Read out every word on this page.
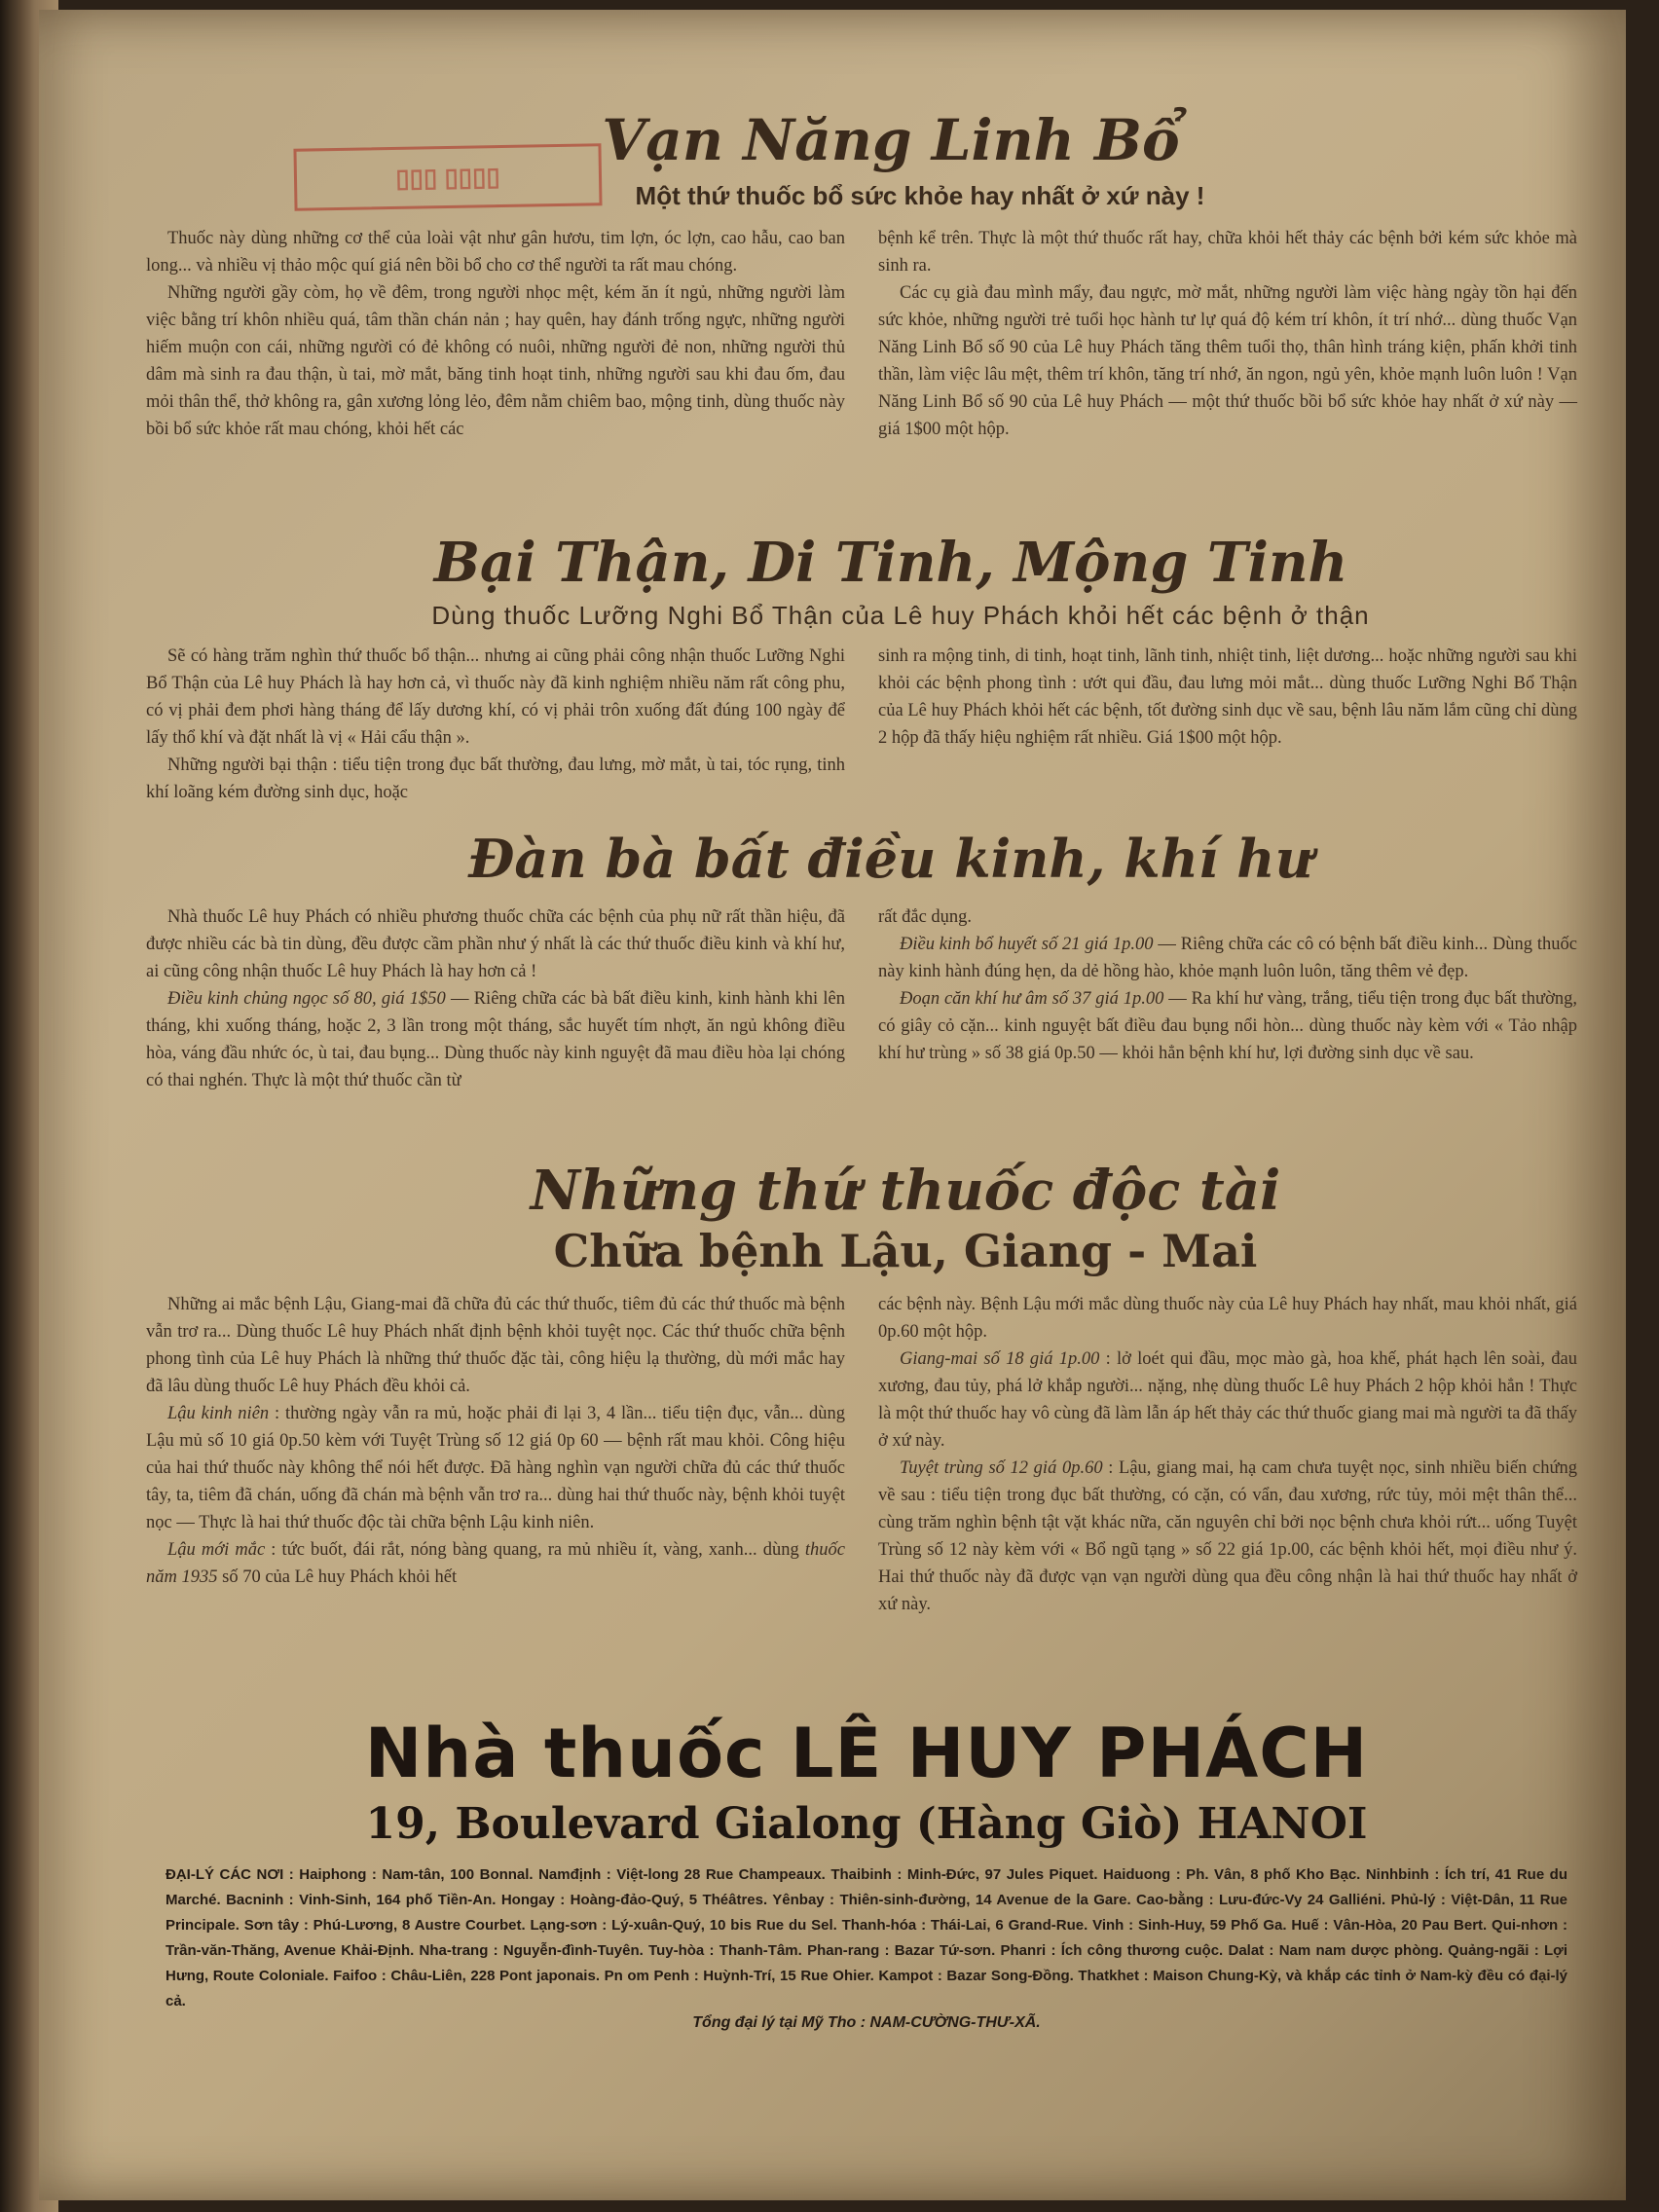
▯▯▯ ▯▯▯▯
Vạn Năng Linh Bổ
Một thứ thuốc bổ sức khỏe hay nhất ở xứ này !

Thuốc này dùng những cơ thể của loài vật như gân hươu, tim lợn, óc lợn, cao hẫu, cao ban long... và nhiều vị thảo mộc quí giá nên bồi bổ cho cơ thể người ta rất mau chóng.

Những người gầy còm, họ về đêm, trong người nhọc mệt, kém ăn ít ngủ, những người làm việc bằng trí khôn nhiều quá, tâm thần chán nản ; hay quên, hay đánh trống ngực, những người hiếm muộn con cái, những người có đẻ không có nuôi, những người đẻ non, những người thủ dâm mà sinh ra đau thận, ù tai, mờ mắt, băng tinh hoạt tinh, những người sau khi đau ốm, đau mỏi thân thể, thở không ra, gân xương lỏng lẻo, đêm nằm chiêm bao, mộng tinh, dùng thuốc này bồi bổ sức khỏe rất mau chóng, khỏi hết các

bệnh kể trên. Thực là một thứ thuốc rất hay, chữa khỏi hết thảy các bệnh bởi kém sức khỏe mà sinh ra.

Các cụ già đau mình mẩy, đau ngực, mờ mắt, những người làm việc hàng ngày tồn hại đến sức khỏe, những người trẻ tuổi học hành tư lự quá độ kém trí khôn, ít trí nhớ... dùng thuốc Vạn Năng Linh Bổ số 90 của Lê huy Phách tăng thêm tuổi thọ, thân hình tráng kiện, phấn khởi tinh thần, làm việc lâu mệt, thêm trí khôn, tăng trí nhớ, ăn ngon, ngủ yên, khỏe mạnh luôn luôn ! Vạn Năng Linh Bổ số 90 của Lê huy Phách — một thứ thuốc bồi bổ sức khỏe hay nhất ở xứ này — giá 1$00 một hộp.

Bại Thận, Di Tinh, Mộng Tinh
Dùng thuốc Lưỡng Nghi Bổ Thận của Lê huy Phách khỏi hết các bệnh ở thận

Sẽ có hàng trăm nghìn thứ thuốc bổ thận... nhưng ai cũng phải công nhận thuốc Lưỡng Nghi Bổ Thận của Lê huy Phách là hay hơn cả, vì thuốc này đã kinh nghiệm nhiều năm rất công phu, có vị phải đem phơi hàng tháng để lấy dương khí, có vị phải trôn xuống đất đúng 100 ngày để lấy thổ khí và đặt nhất là vị « Hải cẩu thận ».

Những người bại thận : tiểu tiện trong đục bất thường, đau lưng, mờ mắt, ù tai, tóc rụng, tinh khí loãng kém đường sinh dục, hoặc

sinh ra mộng tinh, di tinh, hoạt tinh, lãnh tinh, nhiệt tinh, liệt dương... hoặc những người sau khi khỏi các bệnh phong tình : ướt qui đầu, đau lưng mỏi mắt... dùng thuốc Lưỡng Nghi Bổ Thận của Lê huy Phách khỏi hết các bệnh, tốt đường sinh dục về sau, bệnh lâu năm lắm cũng chỉ dùng 2 hộp đã thấy hiệu nghiệm rất nhiều. Giá 1$00 một hộp.

Đàn bà bất điều kinh, khí hư

Nhà thuốc Lê huy Phách có nhiều phương thuốc chữa các bệnh của phụ nữ rất thần hiệu, đã được nhiều các bà tin dùng, đều được cầm phần như ý nhất là các thứ thuốc điều kinh và khí hư, ai cũng công nhận thuốc Lê huy Phách là hay hơn cả !

Điều kinh chủng ngọc số 80, giá 1$50 — Riêng chữa các bà bất điều kinh, kinh hành khi lên tháng, khi xuống tháng, hoặc 2, 3 lần trong một tháng, sắc huyết tím nhợt, ăn ngủ không điều hòa, váng đầu nhức óc, ù tai, đau bụng... Dùng thuốc này kinh nguyệt đã mau điều hòa lại chóng có thai nghén. Thực là một thứ thuốc cần từ

rất đắc dụng.

Điều kinh bổ huyết số 21 giá 1p.00 — Riêng chữa các cô có bệnh bất điều kinh... Dùng thuốc này kinh hành đúng hẹn, da dẻ hồng hào, khỏe mạnh luôn luôn, tăng thêm vẻ đẹp.

Đoạn căn khí hư âm số 37 giá 1p.00 — Ra khí hư vàng, trắng, tiểu tiện trong đục bất thường, có giây cỏ cặn... kinh nguyệt bất điều đau bụng nổi hòn... dùng thuốc này kèm với « Tảo nhập khí hư trùng » số 38 giá 0p.50 — khỏi hẳn bệnh khí hư, lợi đường sinh dục về sau.

Những thứ thuốc độc tài
Chữa bệnh Lậu, Giang - Mai

Những ai mắc bệnh Lậu, Giang-mai đã chữa đủ các thứ thuốc, tiêm đủ các thứ thuốc mà bệnh vẫn trơ ra... Dùng thuốc Lê huy Phách nhất định bệnh khỏi tuyệt nọc. Các thứ thuốc chữa bệnh phong tình của Lê huy Phách là những thứ thuốc đặc tài, công hiệu lạ thường, dù mới mắc hay đã lâu dùng thuốc Lê huy Phách đều khỏi cả.

Lậu kinh niên : thường ngày vẫn ra mủ, hoặc phải đi lại 3, 4 lần... tiểu tiện đục, vẫn... dùng Lậu mủ số 10 giá 0p.50 kèm với Tuyệt Trùng số 12 giá 0p 60 — bệnh rất mau khỏi. Công hiệu của hai thứ thuốc này không thể nói hết được. Đã hàng nghìn vạn người chữa đủ các thứ thuốc tây, ta, tiêm đã chán, uống đã chán mà bệnh vẫn trơ ra... dùng hai thứ thuốc này, bệnh khỏi tuyệt nọc — Thực là hai thứ thuốc độc tài chữa bệnh Lậu kinh niên.

Lậu mới mắc : tức buốt, đái rắt, nóng bàng quang, ra mủ nhiều ít, vàng, xanh... dùng thuốc năm 1935 số 70 của Lê huy Phách khỏi hết

các bệnh này. Bệnh Lậu mới mắc dùng thuốc này của Lê huy Phách hay nhất, mau khỏi nhất, giá 0p.60 một hộp.

Giang-mai số 18 giá 1p.00 : lở loét qui đầu, mọc mào gà, hoa khế, phát hạch lên soài, đau xương, đau tủy, phá lở khắp người... nặng, nhẹ dùng thuốc Lê huy Phách 2 hộp khỏi hẳn ! Thực là một thứ thuốc hay vô cùng đã làm lẫn áp hết thảy các thứ thuốc giang mai mà người ta đã thấy ở xứ này.

Tuyệt trùng số 12 giá 0p.60 : Lậu, giang mai, hạ cam chưa tuyệt nọc, sinh nhiều biến chứng về sau : tiểu tiện trong đục bất thường, có cặn, có vẩn, đau xương, rức tủy, mỏi mệt thân thể... cùng trăm nghìn bệnh tật vặt khác nữa, căn nguyên chỉ bởi nọc bệnh chưa khỏi rứt... uống Tuyệt Trùng số 12 này kèm với « Bổ ngũ tạng » số 22 giá 1p.00, các bệnh khỏi hết, mọi điều như ý. Hai thứ thuốc này đã được vạn vạn người dùng qua đều công nhận là hai thứ thuốc hay nhất ở xứ này.

Nhà thuốc LÊ HUY PHÁCH
19, Boulevard Gialong (Hàng Giò) HANOI
ĐẠI-LÝ CÁC NƠI : Haiphong : Nam-tân, 100 Bonnal. Namđịnh : Việt-long 28 Rue Champeaux. Thaibinh : Minh-Đức, 97 Jules Piquet. Haiduong : Ph. Vân, 8 phố Kho Bạc. Ninhbinh : Ích trí, 41 Rue du Marché. Bacninh : Vinh-Sinh, 164 phố Tiền-An. Hongay : Hoàng-đảo-Quý, 5 Théâtres. Yênbay : Thiên-sinh-đường, 14 Avenue de la Gare. Cao-bằng : Lưu-đức-Vy 24 Galliéni. Phủ-lý : Việt-Dân, 11 Rue Principale. Sơn tây : Phú-Lương, 8 Austre Courbet. Lạng-sơn : Lý-xuân-Quý, 10 bis Rue du Sel. Thanh-hóa : Thái-Lai, 6 Grand-Rue. Vinh : Sinh-Huy, 59 Phố Ga. Huế : Vân-Hòa, 20 Pau Bert. Qui-nhơn : Trần-văn-Thăng, Avenue Khải-Định. Nha-trang : Nguyễn-đình-Tuyên. Tuy-hòa : Thanh-Tâm. Phan-rang : Bazar Tứ-sơn. Phanri : Ích công thương cuộc. Dalat : Nam nam dược phòng. Quảng-ngãi : Lợi Hưng, Route Coloniale. Faifoo : Châu-Liên, 228 Pont japonais. Pn om Penh : Huỳnh-Trí, 15 Rue Ohier. Kampot : Bazar Song-Đồng. Thatkhet : Maison Chung-Kỳ, và khắp các tỉnh ở Nam-kỳ đều có đại-lý cả.
Tổng đại lý tại Mỹ Tho : NAM-CƯỜNG-THƯ-XÃ.
